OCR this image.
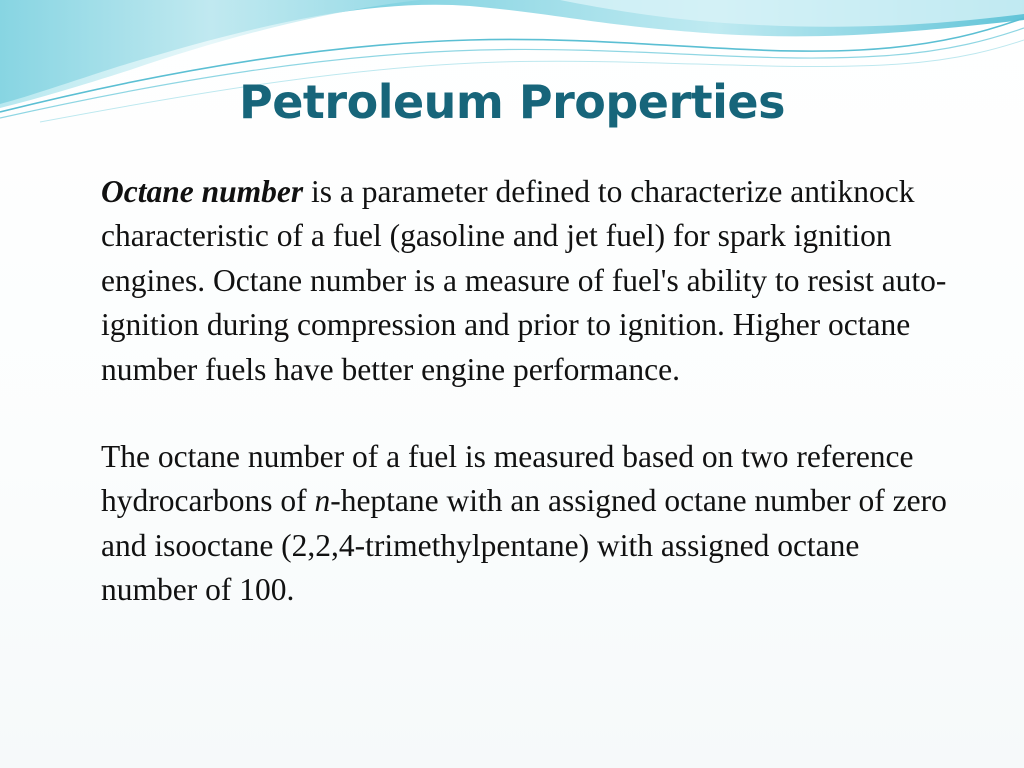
Petroleum Properties

Octane number is a parameter defined to characterize antiknock characteristic of a fuel (gasoline and jet fuel) for spark ignition engines. Octane number is a measure of fuel's ability to resist auto-ignition during compression and prior to ignition. Higher octane number fuels have better engine performance.

The octane number of a fuel is measured based on two reference hydrocarbons of n-heptane with an assigned octane number of zero and isooctane (2,2,4-trimethylpentane) with assigned octane number of 100.
